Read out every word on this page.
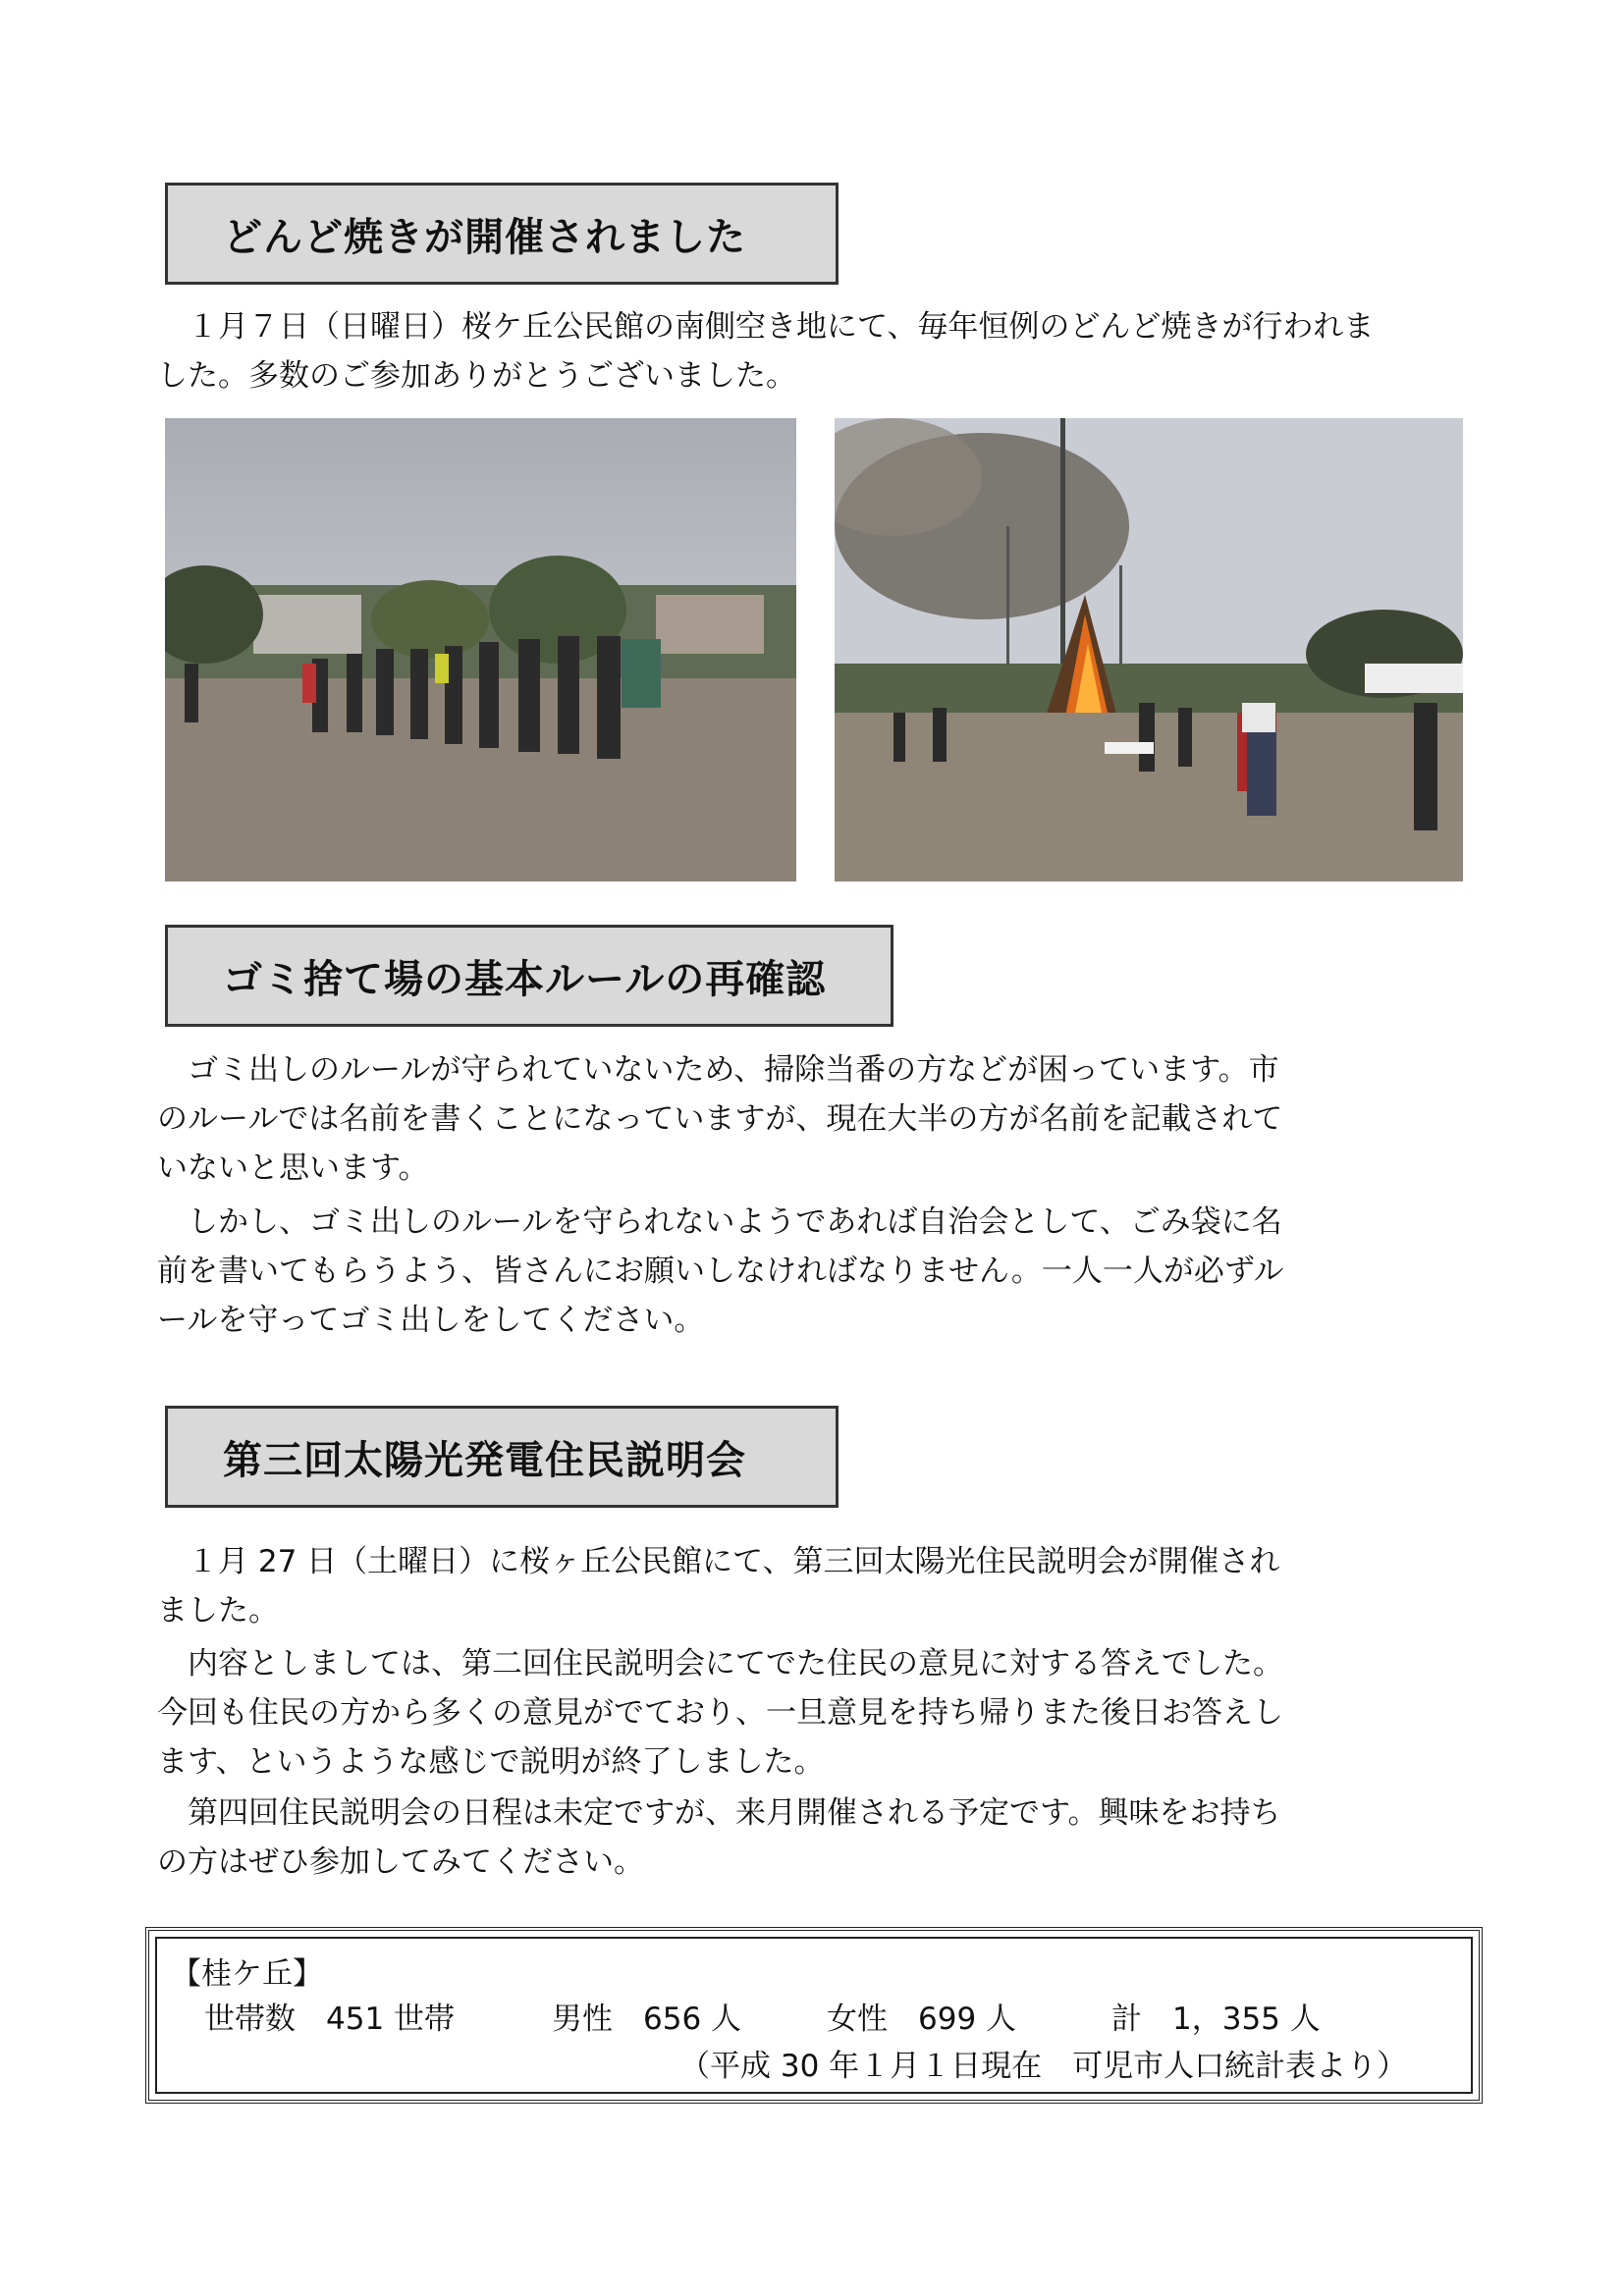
どんど焼きが開催されました

　１月７日（日曜日）桜ケ丘公民館の南側空き地にて、毎年恒例のどんど焼きが行われま

した。多数のご参加ありがとうございました。

ゴミ捨て場の基本ルールの再確認

　ゴミ出しのルールが守られていないため、掃除当番の方などが困っています。市

のルールでは名前を書くことになっていますが、現在大半の方が名前を記載されて

いないと思います。

　しかし、ゴミ出しのルールを守られないようであれば自治会として、ごみ袋に名

前を書いてもらうよう、皆さんにお願いしなければなりません。一人一人が必ずル

ールを守ってゴミ出しをしてください。

第三回太陽光発電住民説明会

　１月 27 日（土曜日）に桜ヶ丘公民館にて、第三回太陽光住民説明会が開催され

ました。

　内容としましては、第二回住民説明会にてでた住民の意見に対する答えでした。

今回も住民の方から多くの意見がでており、一旦意見を持ち帰りまた後日お答えし

ます、というような感じで説明が終了しました。

　第四回住民説明会の日程は未定ですが、来月開催される予定です。興味をお持ち

の方はぜひ参加してみてください。

【桂ケ丘】
世帯数　451 世帯	男性　656 人	女性　699 人	計　1，355 人
（平成 30 年１月１日現在　可児市人口統計表より）
